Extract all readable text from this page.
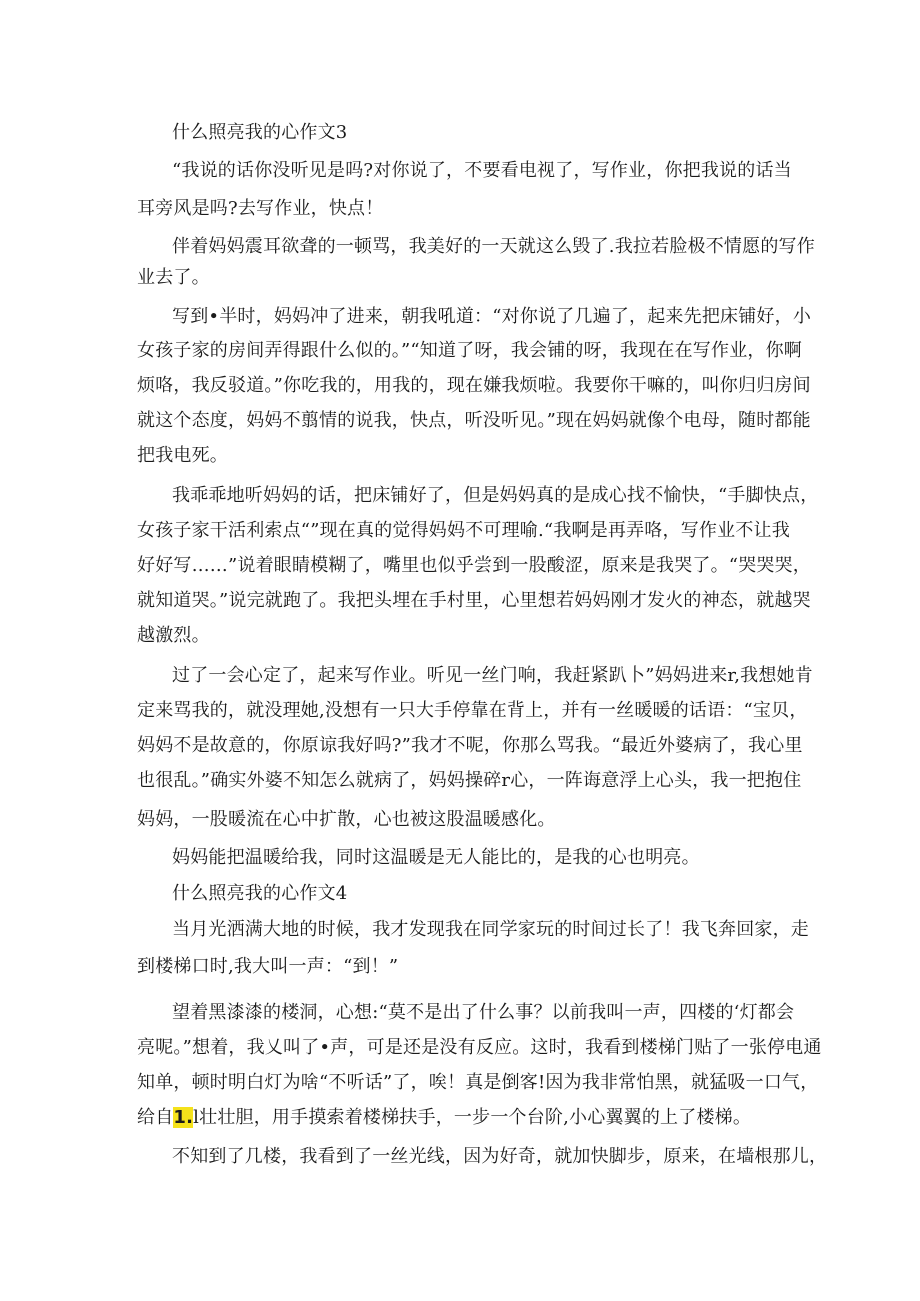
什么照亮我的心作文3
“我说的话你没听见是吗?对你说了，不要看电视了，写作业，你把我说的话当
耳旁风是吗?去写作业，快点！
伴着妈妈震耳欲聋的一顿骂，我美好的一天就这么毁了.我拉若脸极不情愿的写作
业去了。
写到•半时，妈妈冲了进来，朝我吼道：“对你说了几遍了，起来先把床铺好，小
女孩子家的房间弄得跟什么似的。”“知道了呀，我会铺的呀，我现在在写作业，你啊
烦咯，我反驳道。”你吃我的，用我的，现在嫌我烦啦。我要你干嘛的，叫你归归房间
就这个态度，妈妈不翦情的说我，快点，听没听见。”现在妈妈就像个电母，随时都能
把我电死。
我乖乖地听妈妈的话，把床铺好了，但是妈妈真的是成心找不愉快，“手脚快点，
女孩子家干活利索点“”现在真的觉得妈妈不可理喻.“我啊是再弄咯，写作业不让我
好好写……”说着眼睛模糊了，嘴里也似乎尝到一股酸涩，原来是我哭了。“哭哭哭，
就知道哭。”说完就跑了。我把头埋在手村里，心里想若妈妈刚才发火的神态，就越哭
越激烈。
过了一会心定了，起来写作业。听见一丝门响，我赶紧趴卜”妈妈进来r,我想她肯
定来骂我的，就没理她,没想有一只大手停靠在背上，并有一丝暖暖的话语：“宝贝，
妈妈不是故意的，你原谅我好吗?”我才不呢，你那么骂我。“最近外婆病了，我心里
也很乱。”确实外婆不知怎么就病了，妈妈操碎r心，一阵诲意浮上心头，我一把抱住
妈妈，一股暖流在心中扩散，心也被这股温暖感化。
妈妈能把温暖给我，同时这温暖是无人能比的，是我的心也明亮。
什么照亮我的心作文4
当月光洒满大地的时候，我才发现我在同学家玩的时间过长了！我飞奔回家，走
到楼梯口时,我大叫一声：“到！”
望着黑漆漆的楼洞，心想:“莫不是出了什么事？以前我叫一声，四楼的‘灯都会
亮呢。”想着，我乂叫了•声，可是还是没有反应。这时，我看到楼梯门贴了一张停电通
知单，顿时明白灯为啥“不听话”了，唉！真是倒客!因为我非常怕黑，就猛吸一口气，
给自1.l壮壮胆，用手摸索着楼梯扶手，一步一个台阶,小心翼翼的上了楼梯。
不知到了几楼，我看到了一丝光线，因为好奇，就加快脚步，原来，在墙根那儿，
